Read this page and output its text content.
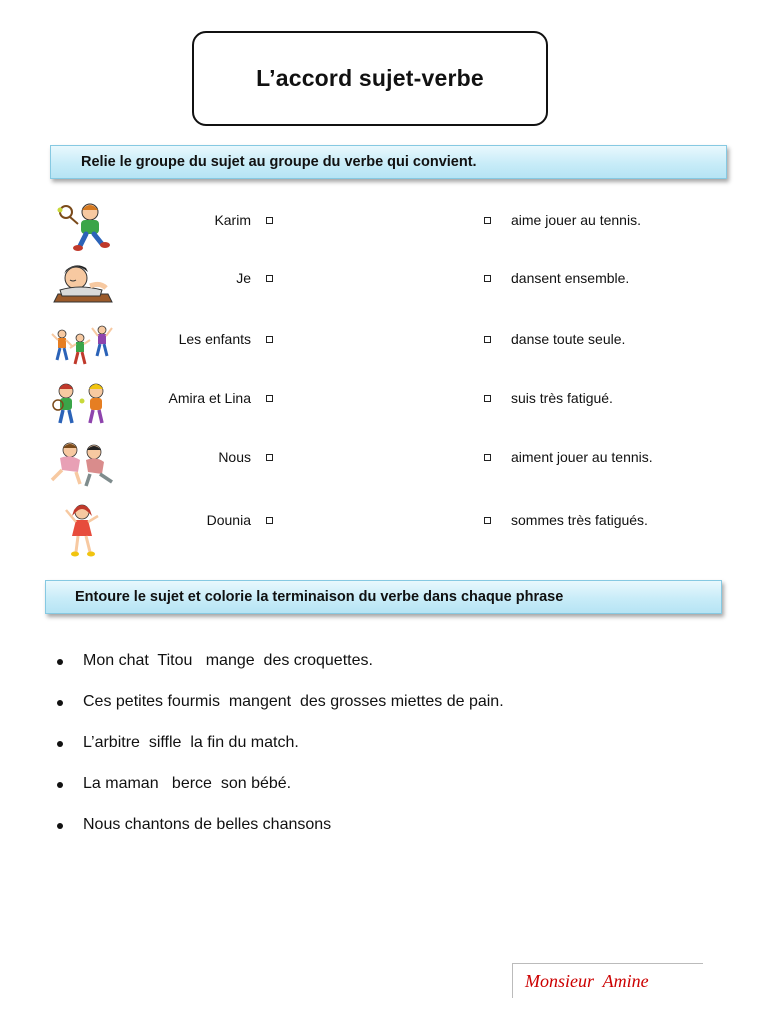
L’accord sujet-verbe
Relie le groupe du sujet au groupe du verbe qui convient.
Karim	aime jouer au tennis.
Je	dansent ensemble.
Les enfants	danse toute seule.
Amira et Lina	suis très fatigué.
Nous	aiment jouer au tennis.
Dounia	sommes très fatigués.
Entoure le sujet et colorie la terminaison du verbe dans chaque phrase
Mon chat  Titou   mange  des croquettes.
Ces petites fourmis  mangent  des grosses miettes de pain.
L’arbitre  siffle  la fin du match.
La maman   berce  son bébé.
Nous chantons de belles chansons
Monsieur  Amine
